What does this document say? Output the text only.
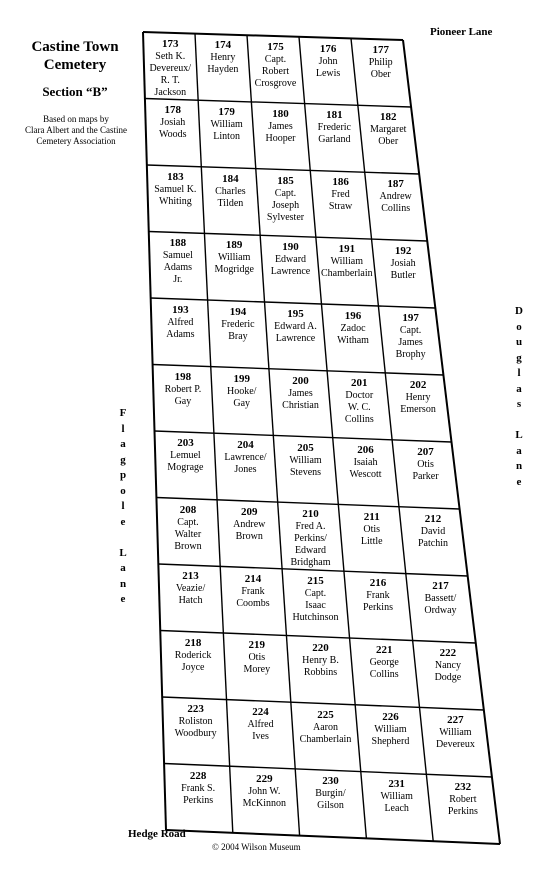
Castine Town
Cemetery
Section “B”
Based on maps by
Clara Albert and the Castine
Cemetery Association
Pioneer Lane
Hedge Road
© 2004 Wilson Museum
F
l
a
g
p
o
l
e

L
a
n
e
D
o
u
g
l
a
s

L
a
n
e
173
Seth K.
Devereux/
R. T.
Jackson
174
Henry
Hayden
175
Capt.
Robert
Crosgrove
176
John
Lewis
177
Philip
Ober
178
Josiah
Woods
179
William
Linton
180
James
Hooper
181
Frederic
Garland
182
Margaret
Ober
183
Samuel K.
Whiting
184
Charles
Tilden
185
Capt.
Joseph
Sylvester
186
Fred
Straw
187
Andrew
Collins
188
Samuel
Adams
Jr.
189
William
Mogridge
190
Edward
Lawrence
191
William
Chamberlain
192
Josiah
Butler
193
Alfred
Adams
194
Frederic
Bray
195
Edward A.
Lawrence
196
Zadoc
Witham
197
Capt.
James
Brophy
198
Robert P.
Gay
199
Hooke/
Gay
200
James
Christian
201
Doctor
W. C.
Collins
202
Henry
Emerson
203
Lemuel
Mograge
204
Lawrence/
Jones
205
William
Stevens
206
Isaiah
Wescott
207
Otis
Parker
208
Capt.
Walter
Brown
209
Andrew
Brown
210
Fred A.
Perkins/
Edward
Bridgham
211
Otis
Little
212
David
Patchin
213
Veazie/
Hatch
214
Frank
Coombs
215
Capt.
Isaac
Hutchinson
216
Frank
Perkins
217
Bassett/
Ordway
218
Roderick
Joyce
219
Otis
Morey
220
Henry B.
Robbins
221
George
Collins
222
Nancy
Dodge
223
Roliston
Woodbury
224
Alfred
Ives
225
Aaron
Chamberlain
226
William
Shepherd
227
William
Devereux
228
Frank S.
Perkins
229
John W.
McKinnon
230
Burgin/
Gilson
231
William
Leach
232
Robert
Perkins
